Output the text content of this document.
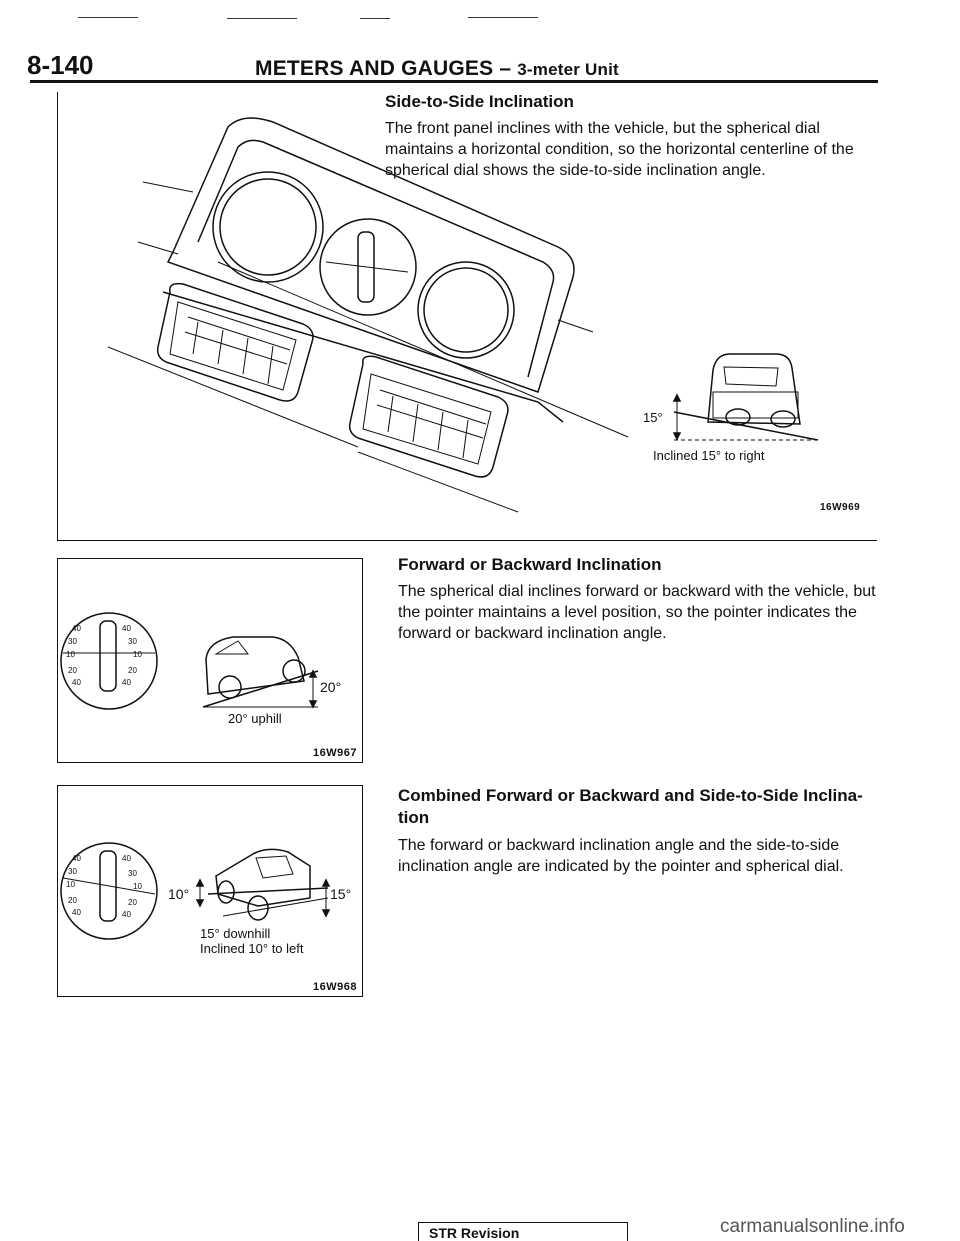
8-140	METERS AND GAUGES – 3-meter Unit
Side-to-Side Inclination

The front panel inclines with the vehicle, but the spherical dial maintains a horizontal condition, so the horizontal centerline of the spherical dial shows the side-to-side inclination angle.

15°
Inclined 15° to right
16W969
40	40
30	30
10	10
20	20
40	40	20°
20° uphill
16W967
Forward or Backward Inclination

The spherical dial inclines forward or backward with the vehicle, but the pointer maintains a level position, so the pointer indicates the forward or backward inclination angle.

40	40
30	30
10	10
20	20
40	40
10°	15°
15° downhill
Inclined 10° to left
16W968
Combined Forward or Backward and Side-to-Side Inclina- tion

The forward or backward inclination angle and the side-to-side inclination angle are indicated by the pointer and spherical dial.

STR Revision	carmanualsonline.info
